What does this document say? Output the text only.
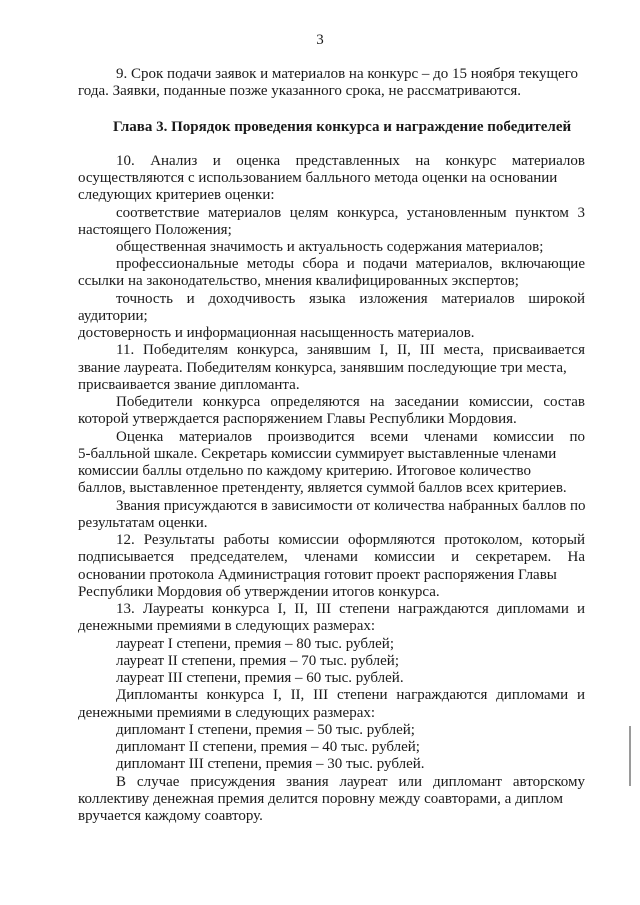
3
9. Срок подачи заявок и материалов на конкурс – до 15 ноября текущего
года. Заявки, поданные позже указанного срока, не рассматриваются.
Глава 3. Порядок проведения конкурса и награждение победителей
10. Анализ и оценка представленных на конкурс материалов
осуществляются с использованием балльного метода оценки на основании
следующих критериев оценки:
соответствие материалов целям конкурса, установленным пунктом 3
настоящего Положения;
общественная значимость и актуальность содержания материалов;
профессиональные методы сбора и подачи материалов, включающие
ссылки на законодательство, мнения квалифицированных экспертов;
точность и доходчивость языка изложения материалов широкой
аудитории;
достоверность и информационная насыщенность материалов.
11. Победителям конкурса, занявшим I, II, III места, присваивается
звание лауреата. Победителям конкурса, занявшим последующие три места,
присваивается звание дипломанта.
Победители конкурса определяются на заседании комиссии, состав
которой утверждается распоряжением Главы Республики Мордовия.
Оценка материалов производится всеми членами комиссии по
5-балльной шкале. Секретарь комиссии суммирует выставленные членами
комиссии баллы отдельно по каждому критерию. Итоговое количество
баллов, выставленное претенденту, является суммой баллов всех критериев.
Звания присуждаются в зависимости от количества набранных баллов по
результатам оценки.
12. Результаты работы комиссии оформляются протоколом, который
подписывается председателем, членами комиссии и секретарем. На
основании протокола Администрация готовит проект распоряжения Главы
Республики Мордовия об утверждении итогов конкурса.
13. Лауреаты конкурса I, II, III степени награждаются дипломами и
денежными премиями в следующих размерах:
лауреат I степени, премия – 80 тыс. рублей;
лауреат II степени, премия – 70 тыс. рублей;
лауреат III степени, премия – 60 тыс. рублей.
Дипломанты конкурса I, II, III степени награждаются дипломами и
денежными премиями в следующих размерах:
дипломант I степени, премия – 50 тыс. рублей;
дипломант II степени, премия – 40 тыс. рублей;
дипломант III степени, премия – 30 тыс. рублей.
В случае присуждения звания лауреат или дипломант авторскому
коллективу денежная премия делится поровну между соавторами, а диплом
вручается каждому соавтору.
